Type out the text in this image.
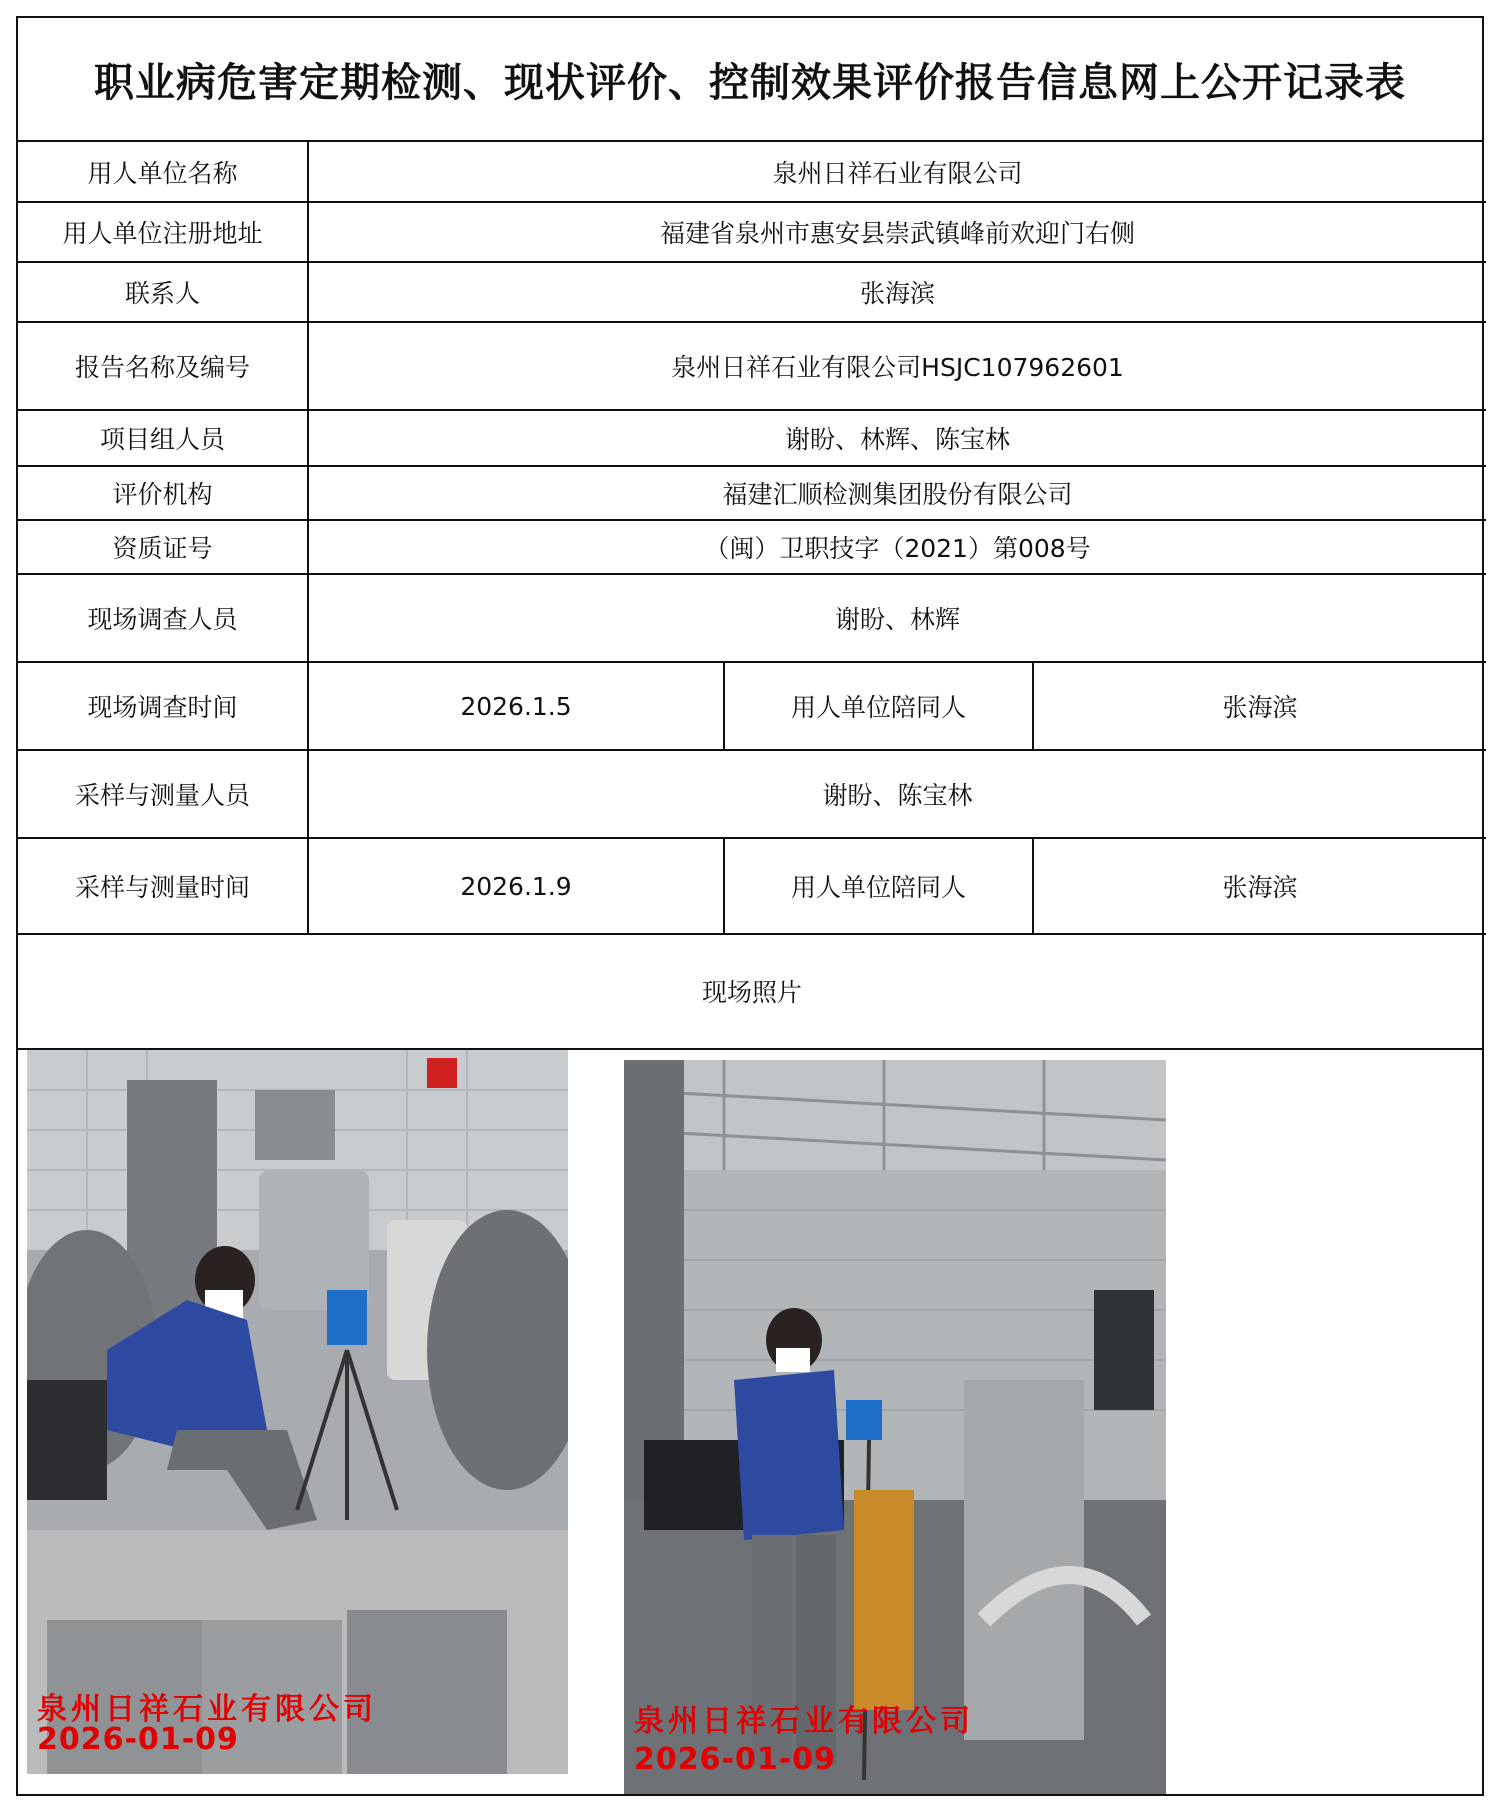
职业病危害定期检测、现状评价、控制效果评价报告信息网上公开记录表
用人单位名称	泉州日祥石业有限公司		
用人单位注册地址	福建省泉州市惠安县崇武镇峰前欢迎门右侧		
联系人	张海滨		
报告名称及编号	泉州日祥石业有限公司HSJC107962601		
项目组人员	谢盼、林辉、陈宝林		
评价机构	福建汇顺检测集团股份有限公司		
资质证号	（闽）卫职技字（2021）第008号		
现场调查人员	谢盼、林辉		
现场调查时间	2026.1.5	用人单位陪同人	张海滨
采样与测量人员	谢盼、陈宝林		
采样与测量时间	2026.1.9	用人单位陪同人	张海滨
现场照片			
泉州日祥石业有限公司
2026-01-09
泉州日祥石业有限公司
2026-01-09
